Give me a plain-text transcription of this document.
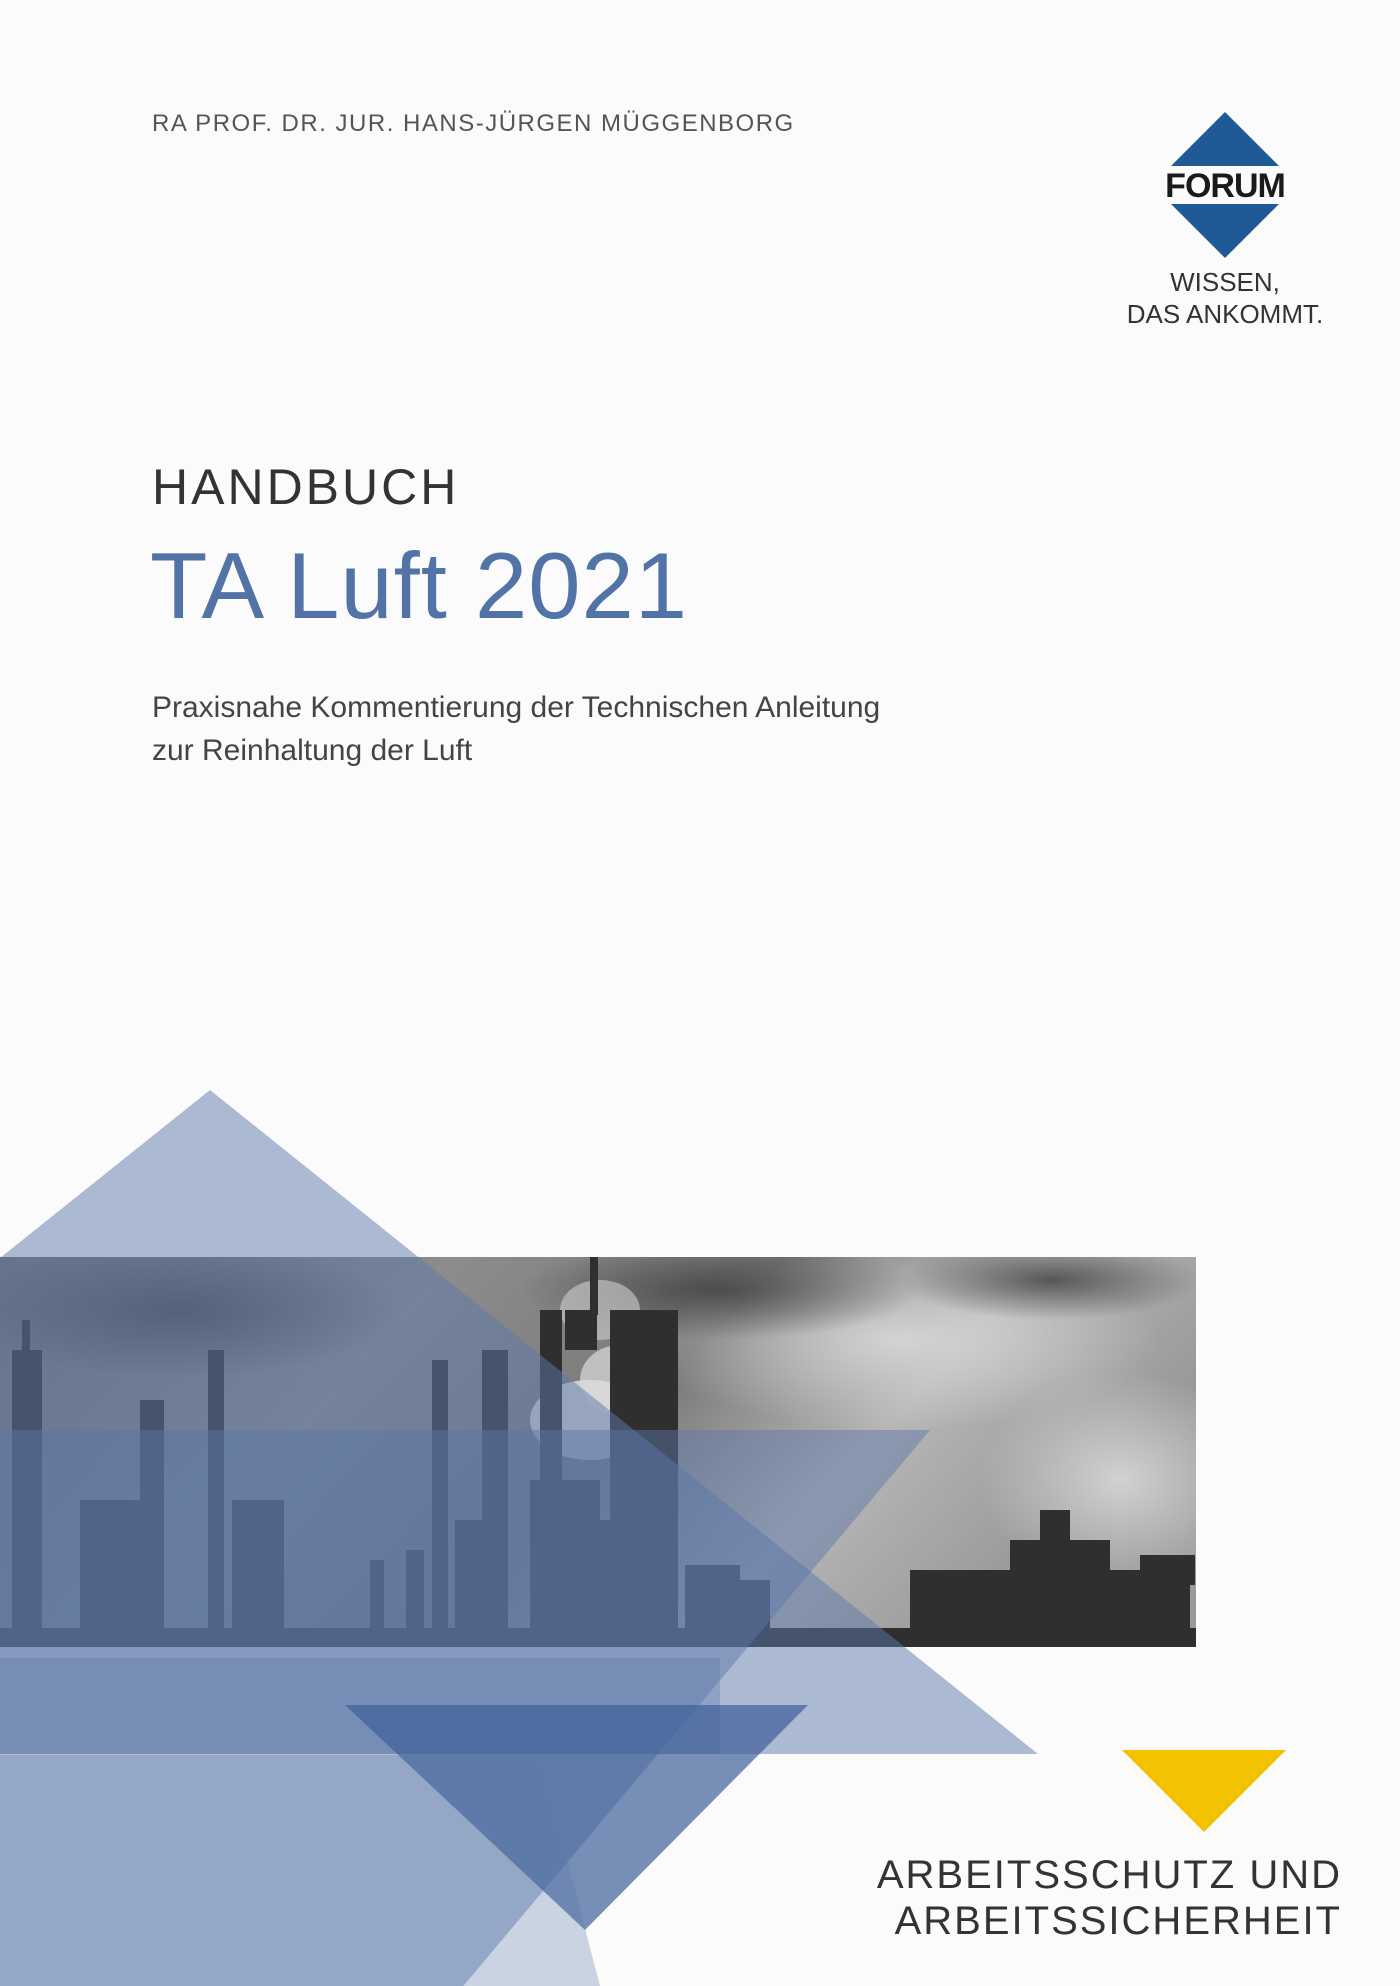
RA PROF. DR. JUR. HANS-JÜRGEN MÜGGENBORG
FORUM
WISSEN,
DAS ANKOMMT.
HANDBUCH
TA Luft 2021
Praxisnahe Kommentierung der Technischen Anleitung
zur Reinhaltung der Luft
ARBEITSSCHUTZ UND
ARBEITSSICHERHEIT
